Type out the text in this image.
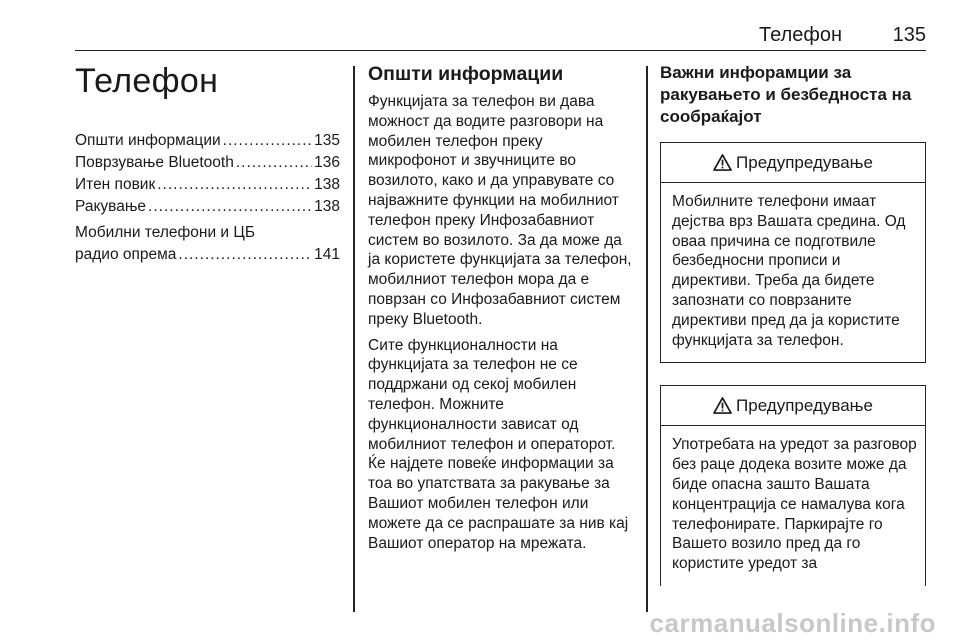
Телефон	135
Телефон
Општи информации .....	135
Поврзување Bluetooth .....	136
Итен повик .....	138
Ракување .....	138
Мобилни телефони и ЦБ
радио опрема .....	141
Општи информации

Функцијата за телефон ви дава можност да водите разговори на мобилен телефон преку микрофонот и звучниците во возилото, како и да управувате со најважните функции на мобилниот телефон преку Инфозабавниот систем во возилото. За да може да ја користете функцијата за телефон, мобилниот телефон мора да е поврзан со Инфозабавниот систем преку Bluetooth.

Сите функционалности на функцијата за телефон не се поддржани од секој мобилен телефон. Можните функционалности зависат од мобилниот телефон и операторот. Ќе најдете повеќе информации за тоа во упатствата за ракување за Вашиот мобилен телефон или можете да се распрашате за нив кај Вашиот оператор на мрежата.

Важни инфорамции за ракувањето и безбедноста на сообраќајот
Предупредување
Мобилните телефони имаат дејства врз Вашата средина. Од оваа причина се подготвиле безбедносни прописи и директиви. Треба да бидете запознати со поврзаните директиви пред да ја користите функцијата за телефон.
Предупредување
Употребата на уредот за разговор без раце додека возите може да биде опасна зашто Вашата концентрација се намалува кога телефонирате. Паркирајте го Вашето возило пред да го користите уредот за
carmanualsonline.info
